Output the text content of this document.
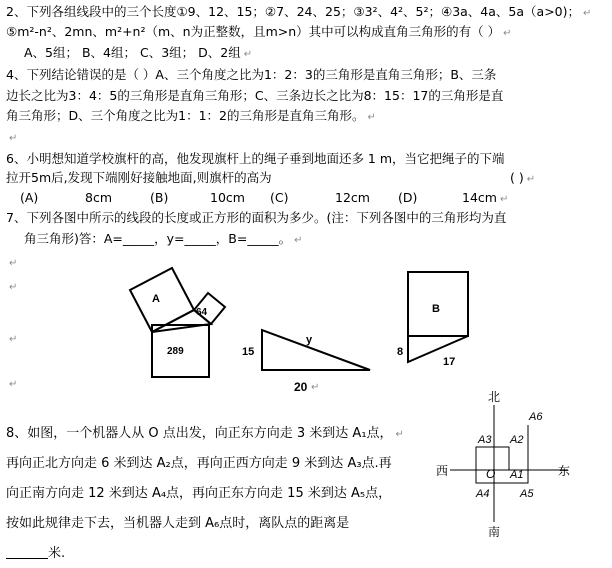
2、下列各组线段中的三个长度①9、12、15；②7、24、25；③3²、4²、5²；④3a、4a、5a（a>0)； ↵
⑤m²-n²、2mn、m²+n²（m、n为正整数，且m>n）其中可以构成直角三角形的有（ ） ↵
A、5组； B、4组； C、3组； D、2组 ↵
4、下列结论错误的是（ ）A、三个角度之比为1：2：3的三角形是直角三角形；B、三条
边长之比为3：4：5的三角形是直角三角形；C、三条边长之比为8：15：17的三角形是直
角三角形；D、三个角度之比为1：1：2的三角形是直角三角形。 ↵
↵
6、小明想知道学校旗杆的高，他发现旗杆上的绳子垂到地面还多 1 m，当它把绳子的下端
拉开5m后,发现下端刚好接触地面,则旗杆的高为	( ) ↵
(A)	8cm	(B)	10cm (C)	12cm (D)	14cm ↵
7、下列各图中所示的线段的长度或正方形的面积为多少。(注：下列各图中的三角形均为直
角三角形)答：A=_____，y=_____，B=_____。 ↵
↵
↵
↵
↵
A
64
289	15
y
20 ↵
B
8
17
北
南
西	东
O A1
A2
A3
A4	A5
A6
8、如图，一个机器人从 O 点出发，向正东方向走 3 米到达 A₁点， ↵
再向正北方向走 6 米到达 A₂点，再向正西方向走 9 米到达 A₃点.再
向正南方向走 12 米到达 A₄点，再向正东方向走 15 米到达 A₅点，
按如此规律走下去，当机器人走到 A₆点时，离队点的距离是
米.
